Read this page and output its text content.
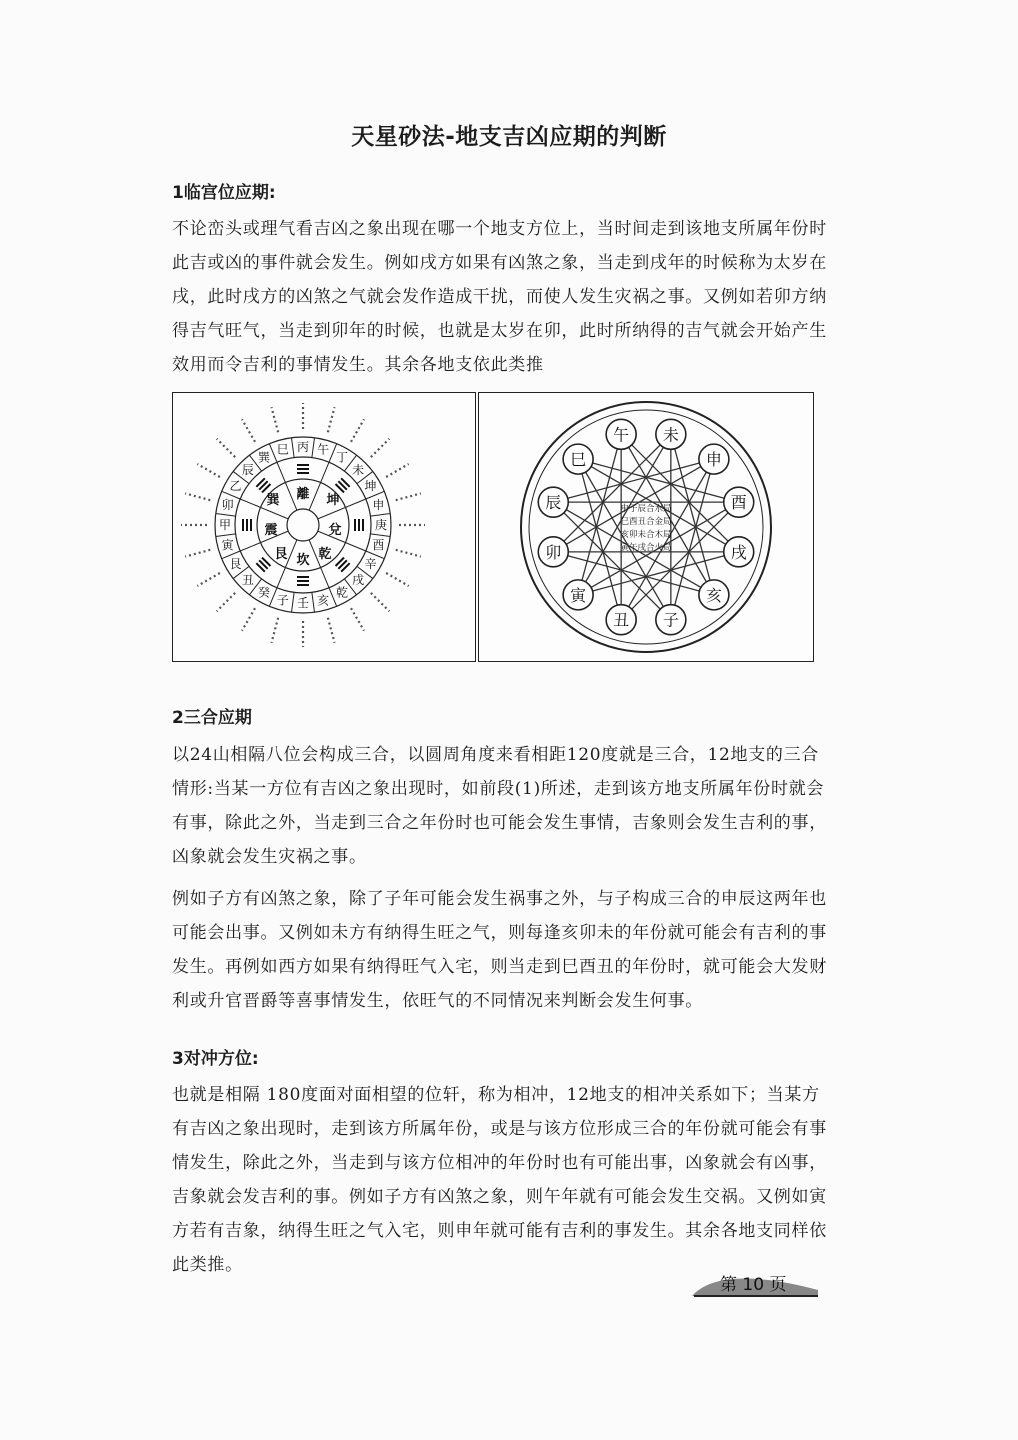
天星砂法-地支吉凶应期的判断
1临宫位应期:

不论峦头或理气看吉凶之象出现在哪一个地支方位上，当时间走到该地支所属年份时此吉或凶的事件就会发生。例如戌方如果有凶煞之象，当走到戌年的时候称为太岁在戌，此时戌方的凶煞之气就会发作造成干扰，而使人发生灾祸之事。又例如若卯方纳得吉气旺气，当走到卯年的时候，也就是太岁在卯，此时所纳得的吉气就会开始产生效用而令吉利的事情发生。其余各地支依此类推

丙 午
丁
未
坤
申
庚
酉
辛
戌
乾
亥
壬
子
癸
丑
艮
寅
甲
卯
乙
辰
巽
巳
巽 離 坤
震	兌
艮 坎 乾
午 未
申
酉
戌
亥
子
丑
寅
卯
辰
巳
申子辰合水局
巳酉丑合金局
亥卯未合木局
寅午戌合火局
2三合应期

以24山相隔八位会构成三合，以圆周角度来看相距120度就是三合，12地支的三合情形:当某一方位有吉凶之象出现时，如前段(1)所述，走到该方地支所属年份时就会有事，除此之外，当走到三合之年份时也可能会发生事情，吉象则会发生吉利的事，凶象就会发生灾祸之事。

例如子方有凶煞之象，除了子年可能会发生祸事之外，与子构成三合的申辰这两年也可能会出事。又例如未方有纳得生旺之气，则每逢亥卯未的年份就可能会有吉利的事发生。再例如西方如果有纳得旺气入宅，则当走到巳酉丑的年份时，就可能会大发财利或升官晋爵等喜事情发生，依旺气的不同情况来判断会发生何事。

3对冲方位:

也就是相隔 180度面对面相望的位轩，称为相冲，12地支的相冲关系如下；当某方有吉凶之象出现时，走到该方所属年份，或是与该方位形成三合的年份就可能会有事情发生，除此之外，当走到与该方位相冲的年份时也有可能出事，凶象就会有凶事，吉象就会发吉利的事。例如子方有凶煞之象，则午年就有可能会发生交祸。又例如寅方若有吉象，纳得生旺之气入宅，则申年就可能有吉利的事发生。其余各地支同样依此类推。

第 10 页
